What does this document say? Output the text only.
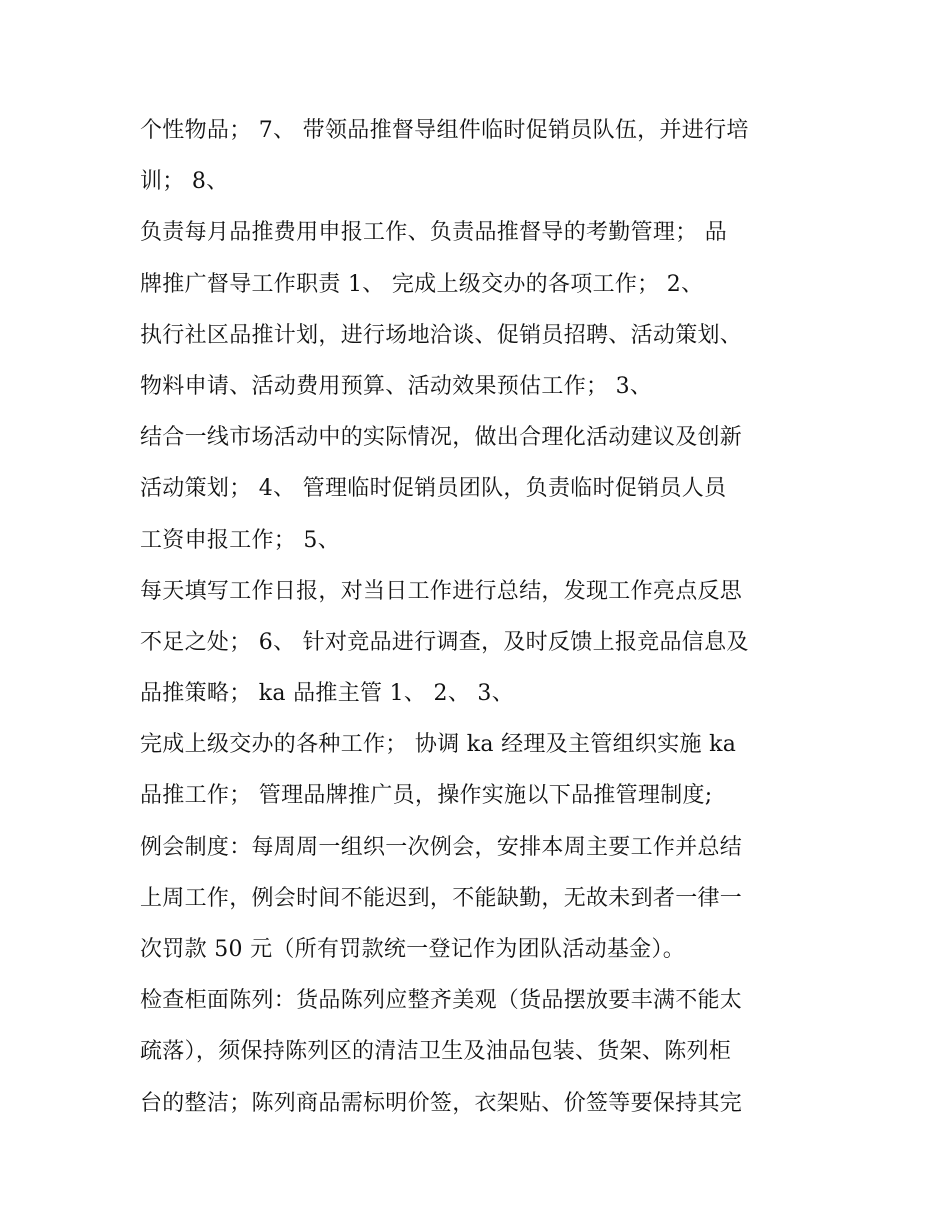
个性物品； 7、 带领品推督导组件临时促销员队伍，并进行培
训； 8、
负责每月品推费用申报工作、负责品推督导的考勤管理； 品
牌推广督导工作职责 1、 完成上级交办的各项工作； 2、
执行社区品推计划，进行场地洽谈、促销员招聘、活动策划、
物料申请、活动费用预算、活动效果预估工作； 3、
结合一线市场活动中的实际情况，做出合理化活动建议及创新
活动策划； 4、 管理临时促销员团队，负责临时促销员人员
工资申报工作； 5、
每天填写工作日报，对当日工作进行总结，发现工作亮点反思
不足之处； 6、 针对竞品进行调查，及时反馈上报竞品信息及
品推策略； ka 品推主管 1、 2、 3、
完成上级交办的各种工作； 协调 ka 经理及主管组织实施 ka
品推工作； 管理品牌推广员，操作实施以下品推管理制度;
例会制度：每周周一组织一次例会，安排本周主要工作并总结
上周工作，例会时间不能迟到，不能缺勤，无故未到者一律一
次罚款 50 元（所有罚款统一登记作为团队活动基金）。
检查柜面陈列：货品陈列应整齐美观（货品摆放要丰满不能太
疏落），须保持陈列区的清洁卫生及油品包装、货架、陈列柜
台的整洁；陈列商品需标明价签，衣架贴、价签等要保持其完
